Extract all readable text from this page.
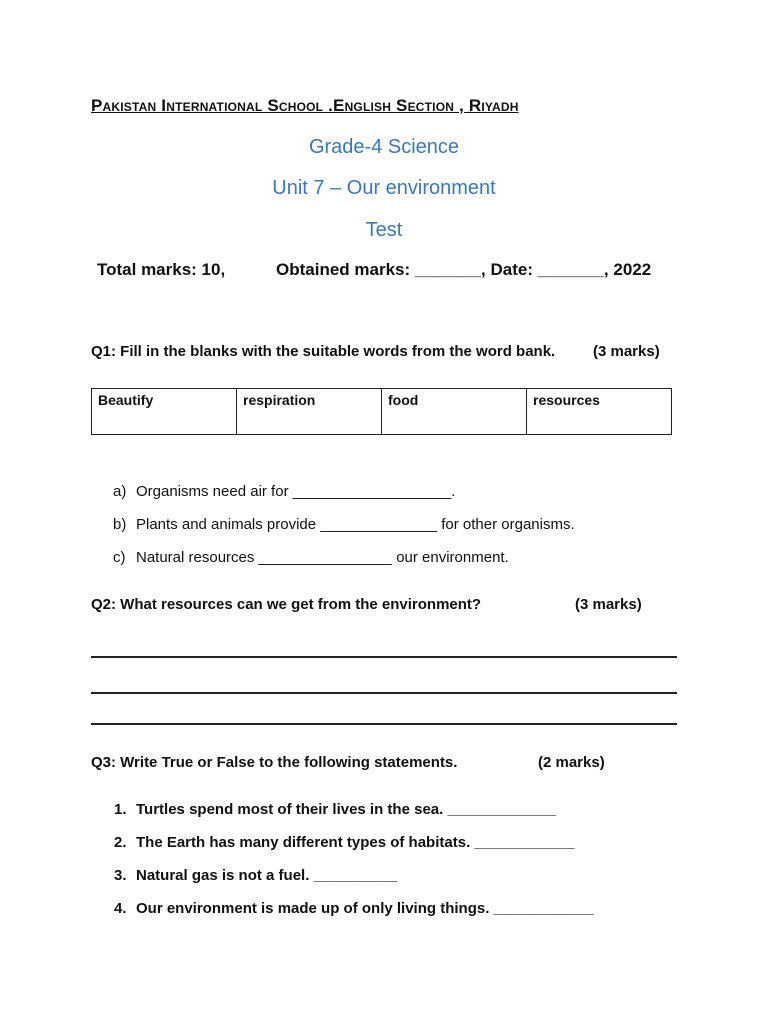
Pakistan International School .English Section , Riyadh
Grade-4 Science
Unit 7 – Our environment
Test
Total marks: 10,	Obtained marks: _______, Date: _______, 2022
Q1: Fill in the blanks with the suitable words from the word bank.	(3 marks)
Beautify	respiration	food	resources
a) Organisms need air for ___________________.
b) Plants and animals provide ______________ for other organisms.
c) Natural resources ________________ our environment.
Q2: What resources can we get from the environment?	(3 marks)
Q3: Write True or False to the following statements.	(2 marks)
1. Turtles spend most of their lives in the sea. _____________
2. The Earth has many different types of habitats. ____________
3. Natural gas is not a fuel. __________
4. Our environment is made up of only living things. ____________
